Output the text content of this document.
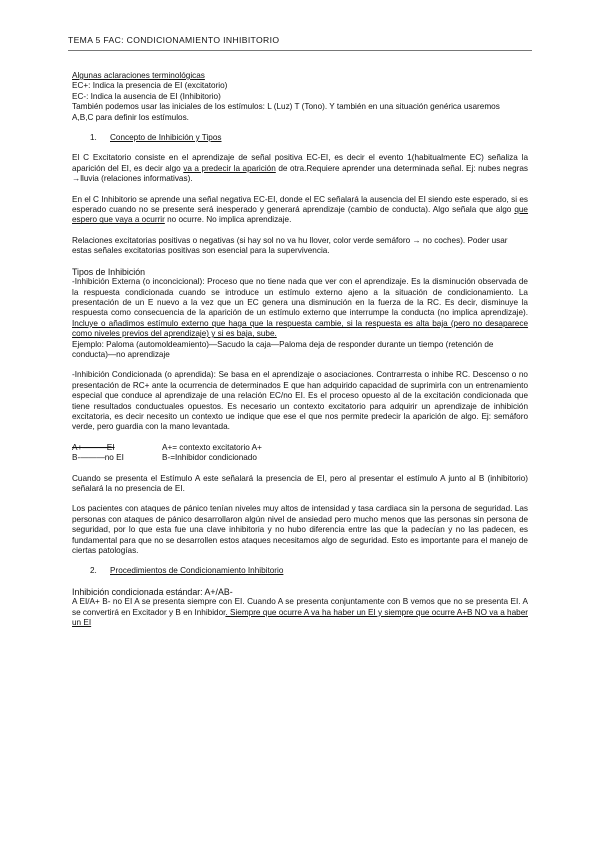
TEMA 5 FAC: CONDICIONAMIENTO INHIBITORIO

Algunas aclaraciones terminológicas

EC+: Indica la presencia de EI (excitatorio)

EC-: Indica la ausencia de EI (Inhibitorio)

También podemos usar las iniciales de los estímulos: L (Luz) T (Tono). Y también en una situación genérica usaremos

A,B,C para definir los estímulos.

1. Concepto de Inhibición y Tipos

El C Excitatorio consiste en el aprendizaje de señal positiva EC-EI, es decir el evento 1(habitualmente EC) señaliza la aparición del EI, es decir algo va a predecir la aparición de otra.Requiere aprender una determinada señal. Ej: nubes negras →lluvia (relaciones informativas).

En el C Inhibitorio se aprende una señal negativa EC-EI, donde el EC señalará la ausencia del EI siendo este esperado, si es esperado cuando no se presente será inesperado y generará aprendizaje (cambio de conducta). Algo señala que algo que espero que vaya a ocurrir no ocurre. No implica aprendizaje.

Relaciones excitatorias positivas o negativas (si hay sol no va hu llover, color verde semáforo → no coches). Poder usar estas señales excitatorias positivas son esencial para la supervivencia.

Tipos de Inhibición

-Inhibición Externa (o inconcicional): Proceso que no tiene nada que ver con el aprendizaje. Es la disminución observada de la respuesta condicionada cuando se introduce un estímulo externo ajeno a la situación de condicionamiento. La presentación de un E nuevo a la vez que un EC genera una disminución en la fuerza de la RC. Es decir, disminuye la respuesta como consecuencia de la aparición de un estímulo externo que interrumpe la conducta (no implica aprendizaje). Incluye o añadimos estímulo externo que haga que la respuesta cambie, si la respuesta es alta baja (pero no desaparece como niveles previos del aprendizaje) y si es baja, sube.

Ejemplo: Paloma (automoldeamiento)—Sacudo la caja—Paloma deja de responder durante un tiempo (retención de conducta)—no aprendizaje

-Inhibición Condicionada (o aprendida): Se basa en el aprendizaje o asociaciones. Contrarresta o inhibe RC. Descenso o no presentación de RC+ ante la ocurrencia de determinados E que han adquirido capacidad de suprimirla con un entrenamiento especial que conduce al aprendizaje de una relación EC/no EI. Es el proceso opuesto al de la excitación condicionada que tiene resultados conductuales opuestos. Es necesario un contexto excitatorio para adquirir un aprendizaje de inhibición excitatoria, es decir necesito un contexto ue indique que ese el que nos permite predecir la aparición de algo. Ej: semáforo verde, pero guardia con la mano levantada.

A+———EI	A+= contexto excitatorio A+
B-———no EI	B-=Inhibidor condicionado

Cuando se presenta el Estímulo A este señalará la presencia de EI, pero al presentar el estímulo A junto al B (inhibitorio) señalará la no presencia de EI.

Los pacientes con ataques de pánico tenían niveles muy altos de intensidad y tasa cardiaca sin la persona de seguridad. Las personas con ataques de pánico desarrollaron algún nivel de ansiedad pero mucho menos que las personas sin persona de seguridad, por lo que esta fue una clave inhibitoria y no hubo diferencia entre las que la padecían y no las padecen, es fundamental para que no se desarrollen estos ataques necesitamos algo de seguridad. Esto es importante para el manejo de ciertas patologías.

2. Procedimientos de Condicionamiento Inhibitorio

Inhibición condicionada estándar: A+/AB-

A EI/A+ B- no EI A se presenta siempre con EI. Cuando A se presenta conjuntamente con B vemos que no se presenta EI. A se convertirá en Excitador y B en Inhibidor. Siempre que ocurre A va ha haber un EI y siempre que ocurre A+B NO va a haber un EI
